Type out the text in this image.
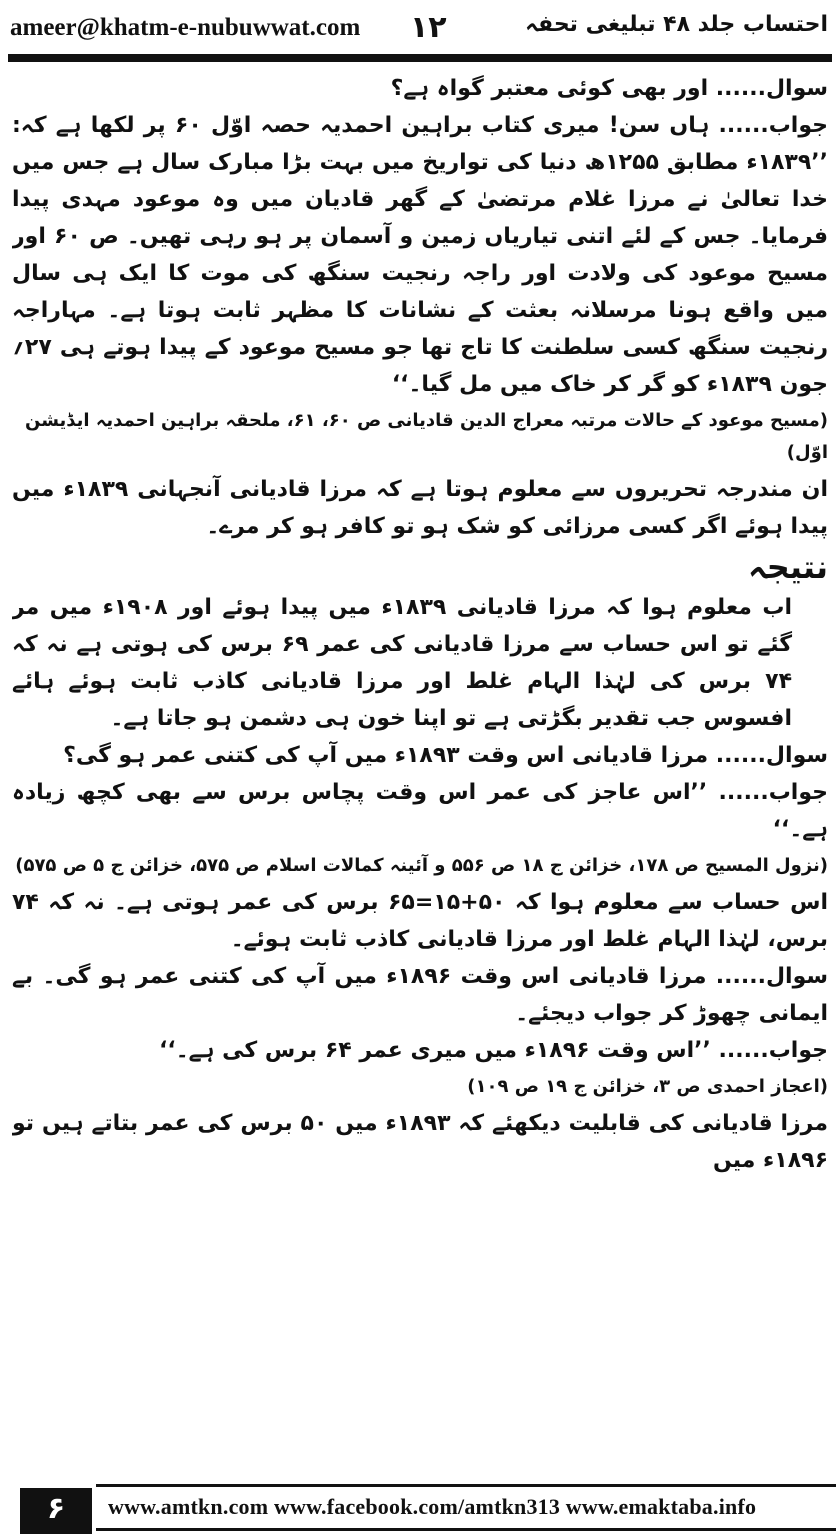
ameer@khatm-e-nubuwwat.com ۱۲	احتساب جلد ۴۸ تبلیغی تحفہ

سوال...... اور بھی کوئی معتبر گواہ ہے؟

جواب...... ہاں سن! میری کتاب براہین احمدیہ حصہ اوّل ۶۰ پر لکھا ہے کہ: ’’۱۸۳۹ء مطابق ۱۲۵۵ھ دنیا کی تواریخ میں بہت بڑا مبارک سال ہے جس میں خدا تعالیٰ نے مرزا غلام مرتضیٰ کے گھر قادیان میں وہ موعود مہدی پیدا فرمایا۔ جس کے لئے اتنی تیاریاں زمین و آسمان پر ہو رہی تھیں۔ ص ۶۰ اور مسیح موعود کی ولادت اور راجہ رنجیت سنگھ کی موت کا ایک ہی سال میں واقع ہونا مرسلانہ بعثت کے نشانات کا مظہر ثابت ہوتا ہے۔ مہاراجہ رنجیت سنگھ کسی سلطنت کا تاج تھا جو مسیح موعود کے پیدا ہوتے ہی ۲۷؍ جون ۱۸۳۹ء کو گر کر خاک میں مل گیا۔‘‘

(مسیح موعود کے حالات مرتبہ معراج الدین قادیانی ص ۶۰، ۶۱، ملحقہ براہین احمدیہ ایڈیشن اوّل)

ان مندرجہ تحریروں سے معلوم ہوتا ہے کہ مرزا قادیانی آنجہانی ۱۸۳۹ء میں پیدا ہوئے اگر کسی مرزائی کو شک ہو تو کافر ہو کر مرے۔

نتیجہ

اب معلوم ہوا کہ مرزا قادیانی ۱۸۳۹ء میں پیدا ہوئے اور ۱۹۰۸ء میں مر گئے تو اس حساب سے مرزا قادیانی کی عمر ۶۹ برس کی ہوتی ہے نہ کہ ۷۴ برس کی لہٰذا الہام غلط اور مرزا قادیانی کاذب ثابت ہوئے ہائے افسوس جب تقدیر بگڑتی ہے تو اپنا خون ہی دشمن ہو جاتا ہے۔

سوال...... مرزا قادیانی اس وقت ۱۸۹۳ء میں آپ کی کتنی عمر ہو گی؟

جواب...... ’’اس عاجز کی عمر اس وقت پچاس برس سے بھی کچھ زیادہ ہے۔‘‘

(نزول المسیح ص ۱۷۸، خزائن ج ۱۸ ص ۵۵۶ و آئینہ کمالات اسلام ص ۵۷۵، خزائن ج ۵ ص ۵۷۵)

اس حساب سے معلوم ہوا کہ ۵۰+۱۵=۶۵ برس کی عمر ہوتی ہے۔ نہ کہ ۷۴ برس، لہٰذا الہام غلط اور مرزا قادیانی کاذب ثابت ہوئے۔

سوال...... مرزا قادیانی اس وقت ۱۸۹۶ء میں آپ کی کتنی عمر ہو گی۔ بے ایمانی چھوڑ کر جواب دیجئے۔

جواب...... ’’اس وقت ۱۸۹۶ء میں میری عمر ۶۴ برس کی ہے۔‘‘

(اعجاز احمدی ص ۳، خزائن ج ۱۹ ص ۱۰۹)

مرزا قادیانی کی قابلیت دیکھئے کہ ۱۸۹۳ء میں ۵۰ برس کی عمر بتاتے ہیں تو ۱۸۹۶ء میں

۶	www.amtkn.com www.facebook.com/amtkn313 www.emaktaba.info
